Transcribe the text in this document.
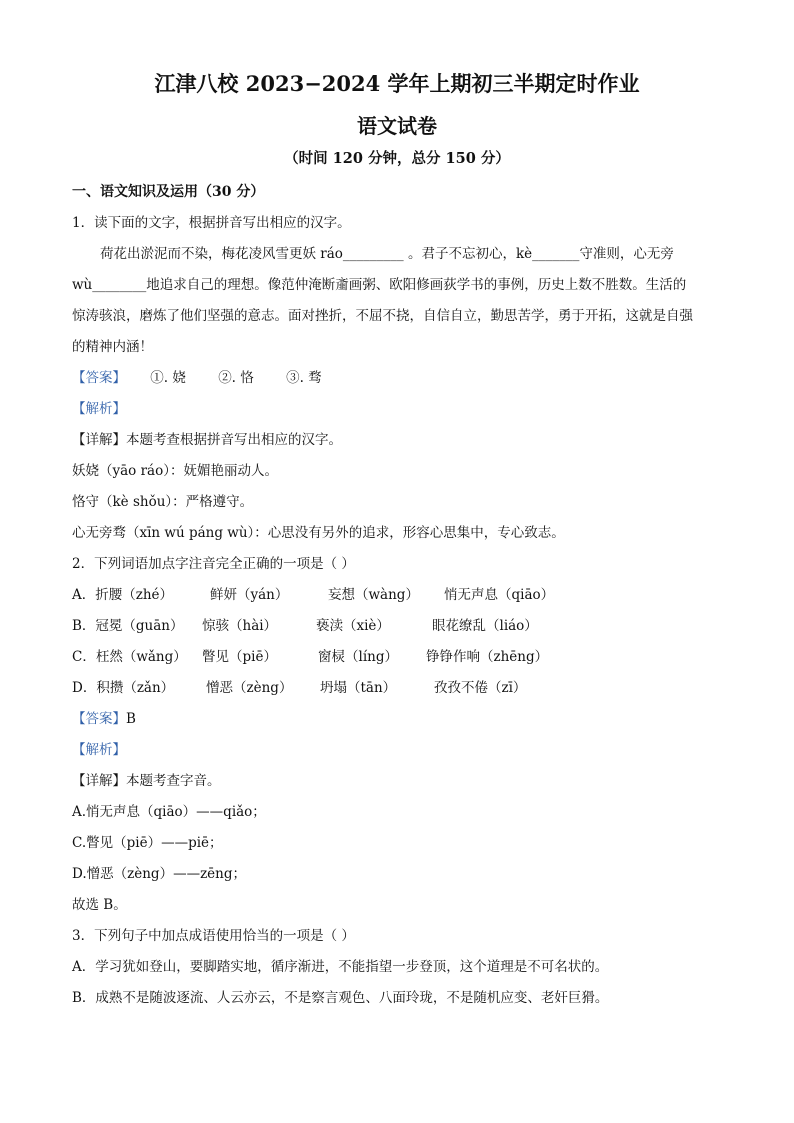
江津八校 2023−2024 学年上期初三半期定时作业
语文试卷
（时间 120 分钟，总分 150 分）
一、语文知识及运用（30 分）
1．读下面的文字，根据拼音写出相应的汉字。
荷花出淤泥而不染，梅花凌风雪更妖 ráo_________ 。君子不忘初心，kè_______守准则，心无旁
wù________地追求自己的理想。像范仲淹断齑画粥、欧阳修画荻学书的事例，历史上数不胜数。生活的
惊涛骇浪，磨炼了他们坚强的意志。面对挫折，不屈不挠，自信自立，勤思苦学，勇于开拓，这就是自强
的精神内涵！
【答案】 ①. 娆 ②. 恪 ③. 骛
【解析】
【详解】本题考查根据拼音写出相应的汉字。
妖娆（yāo ráo）：妩媚艳丽动人。
恪守（kè shǒu）：严格遵守。
心无旁骛（xīn wú páng wù）：心思没有另外的追求，形容心思集中，专心致志。
2．下列词语加点字注音完全正确的一项是（ ）
A．折腰（zhé）	鲜妍（yán）	妄想（wàng） 悄无声息（qiāo）
B．冠冕（guān） 惊骇（hài）	亵渎（xiè）	眼花缭乱（liáo）
C．枉然（wǎng） 瞥见（piē）	窗棂（líng） 铮铮作响（zhēng）
D．积攒（zǎn） 憎恶（zèng） 坍塌（tān）	孜孜不倦（zī）
【答案】B
【解析】
【详解】本题考查字音。
A.悄无声息（qiāo）——qiǎo；
C.瞥见（piē）——piē；
D.憎恶（zèng）——zēng；
故选 B。
3．下列句子中加点成语使用恰当的一项是（ ）
A．学习犹如登山，要脚踏实地，循序渐进，不能指望一步登顶，这个道理是不可名状的。
B．成熟不是随波逐流、人云亦云，不是察言观色、八面玲珑，不是随机应变、老奸巨猾。
